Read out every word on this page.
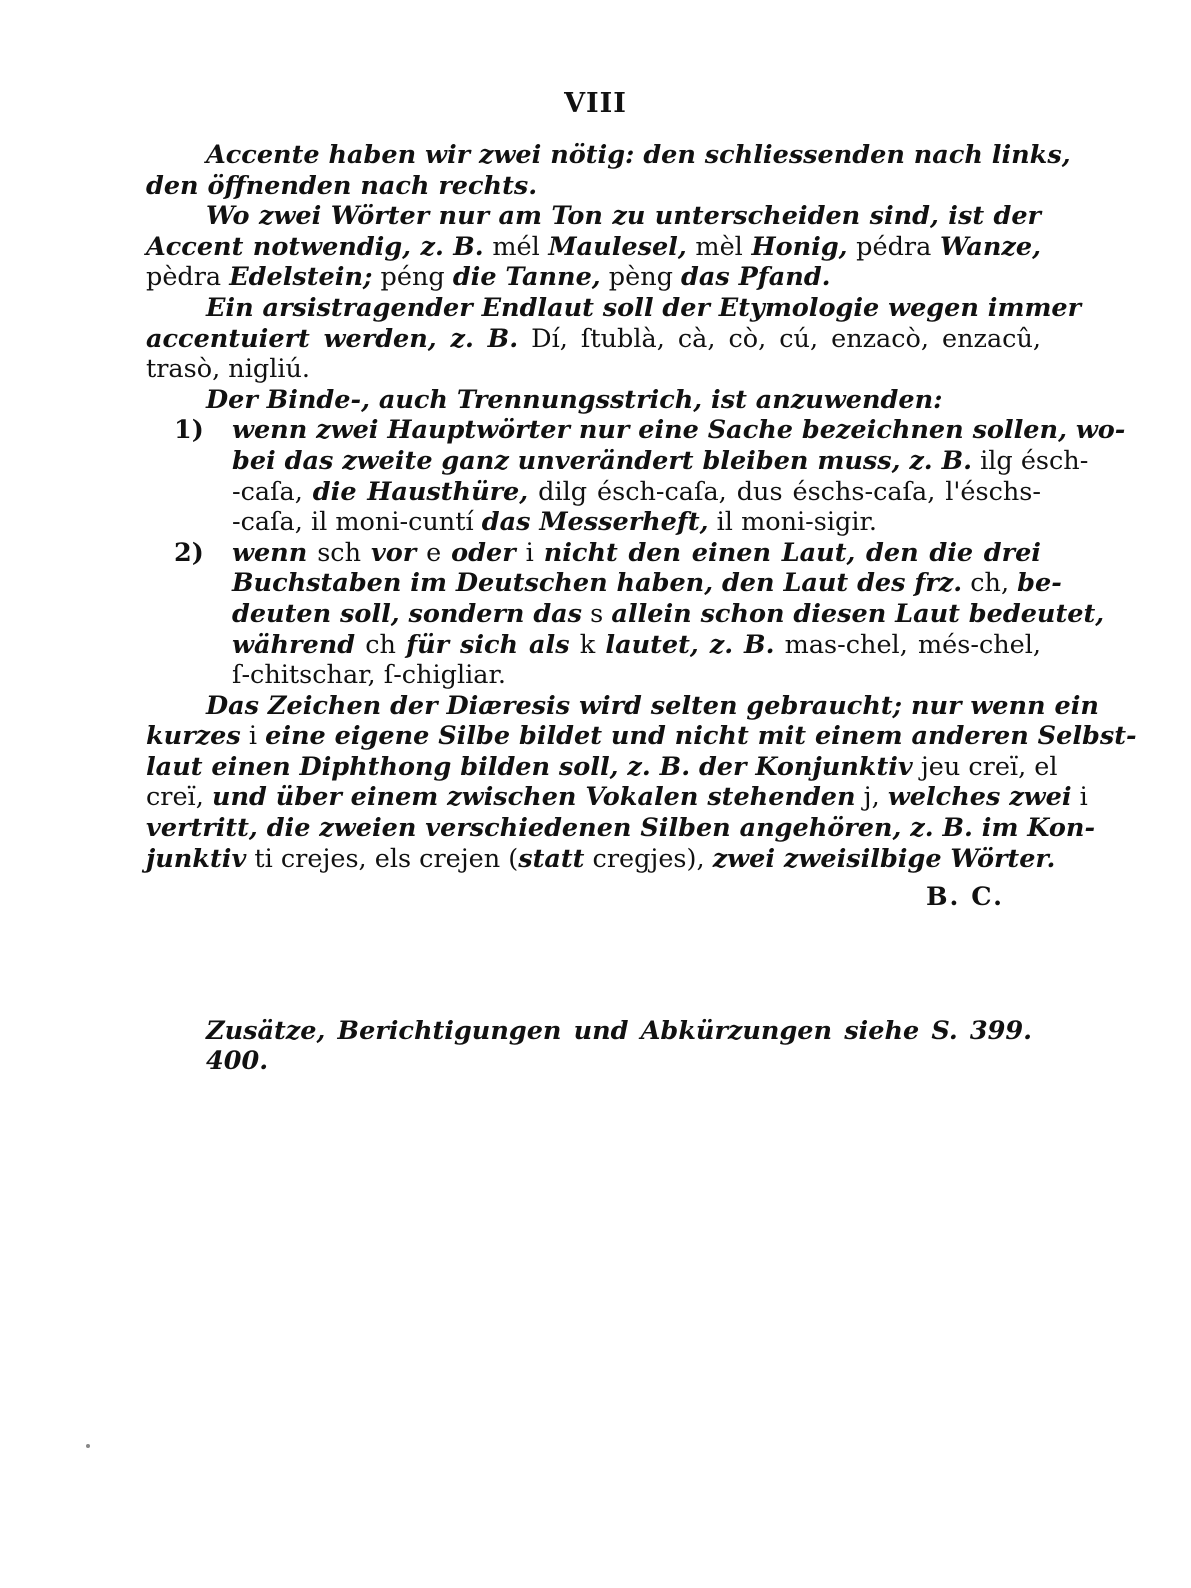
VIII
Accente haben wir zwei nötig: den schliessenden nach links,
den öffnenden nach rechts.
Wo zwei Wörter nur am Ton zu unterscheiden sind, ist der
Accent notwendig, z. B. mél Maulesel, mèl Honig, pédra Wanze,
pèdra Edelstein; péng die Tanne, pèng das Pfand.
Ein arsistragender Endlaut soll der Etymologie wegen immer
accentuiert werden, z. B. Dí, ſtublà, cà, cò, cú, enzacò, enzacû,
trasò, nigliú.
Der Binde-, auch Trennungsstrich, ist anzuwenden:
1) wenn zwei Hauptwörter nur eine Sache bezeichnen sollen, wo-
bei das zweite ganz unverändert bleiben muss, z. B. ilg ésch-
-caſa, die Hausthüre, dilg ésch-caſa, dus éschs-caſa, l'éschs-
-caſa, il moni-cuntí das Messerheft, il moni-sigir.
2) wenn sch vor e oder i nicht den einen Laut, den die drei
Buchstaben im Deutschen haben, den Laut des frz. ch, be-
deuten soll, sondern das s allein schon diesen Laut bedeutet,
während ch für sich als k lautet, z. B. mas-chel, més-chel,
ſ-chitschar, ſ-chigliar.
Das Zeichen der Diæresis wird selten gebraucht; nur wenn ein
kurzes i eine eigene Silbe bildet und nicht mit einem anderen Selbst-
laut einen Diphthong bilden soll, z. B. der Konjunktiv jeu creï, el
creï, und über einem zwischen Vokalen stehenden j, welches zwei i
vertritt, die zweien verschiedenen Silben angehören, z. B. im Kon-
junktiv ti crejes, els crejen (statt cregjes), zwei zweisilbige Wörter.
B. C.
Zusätze, Berichtigungen und Abkürzungen siehe S. 399. 400.
